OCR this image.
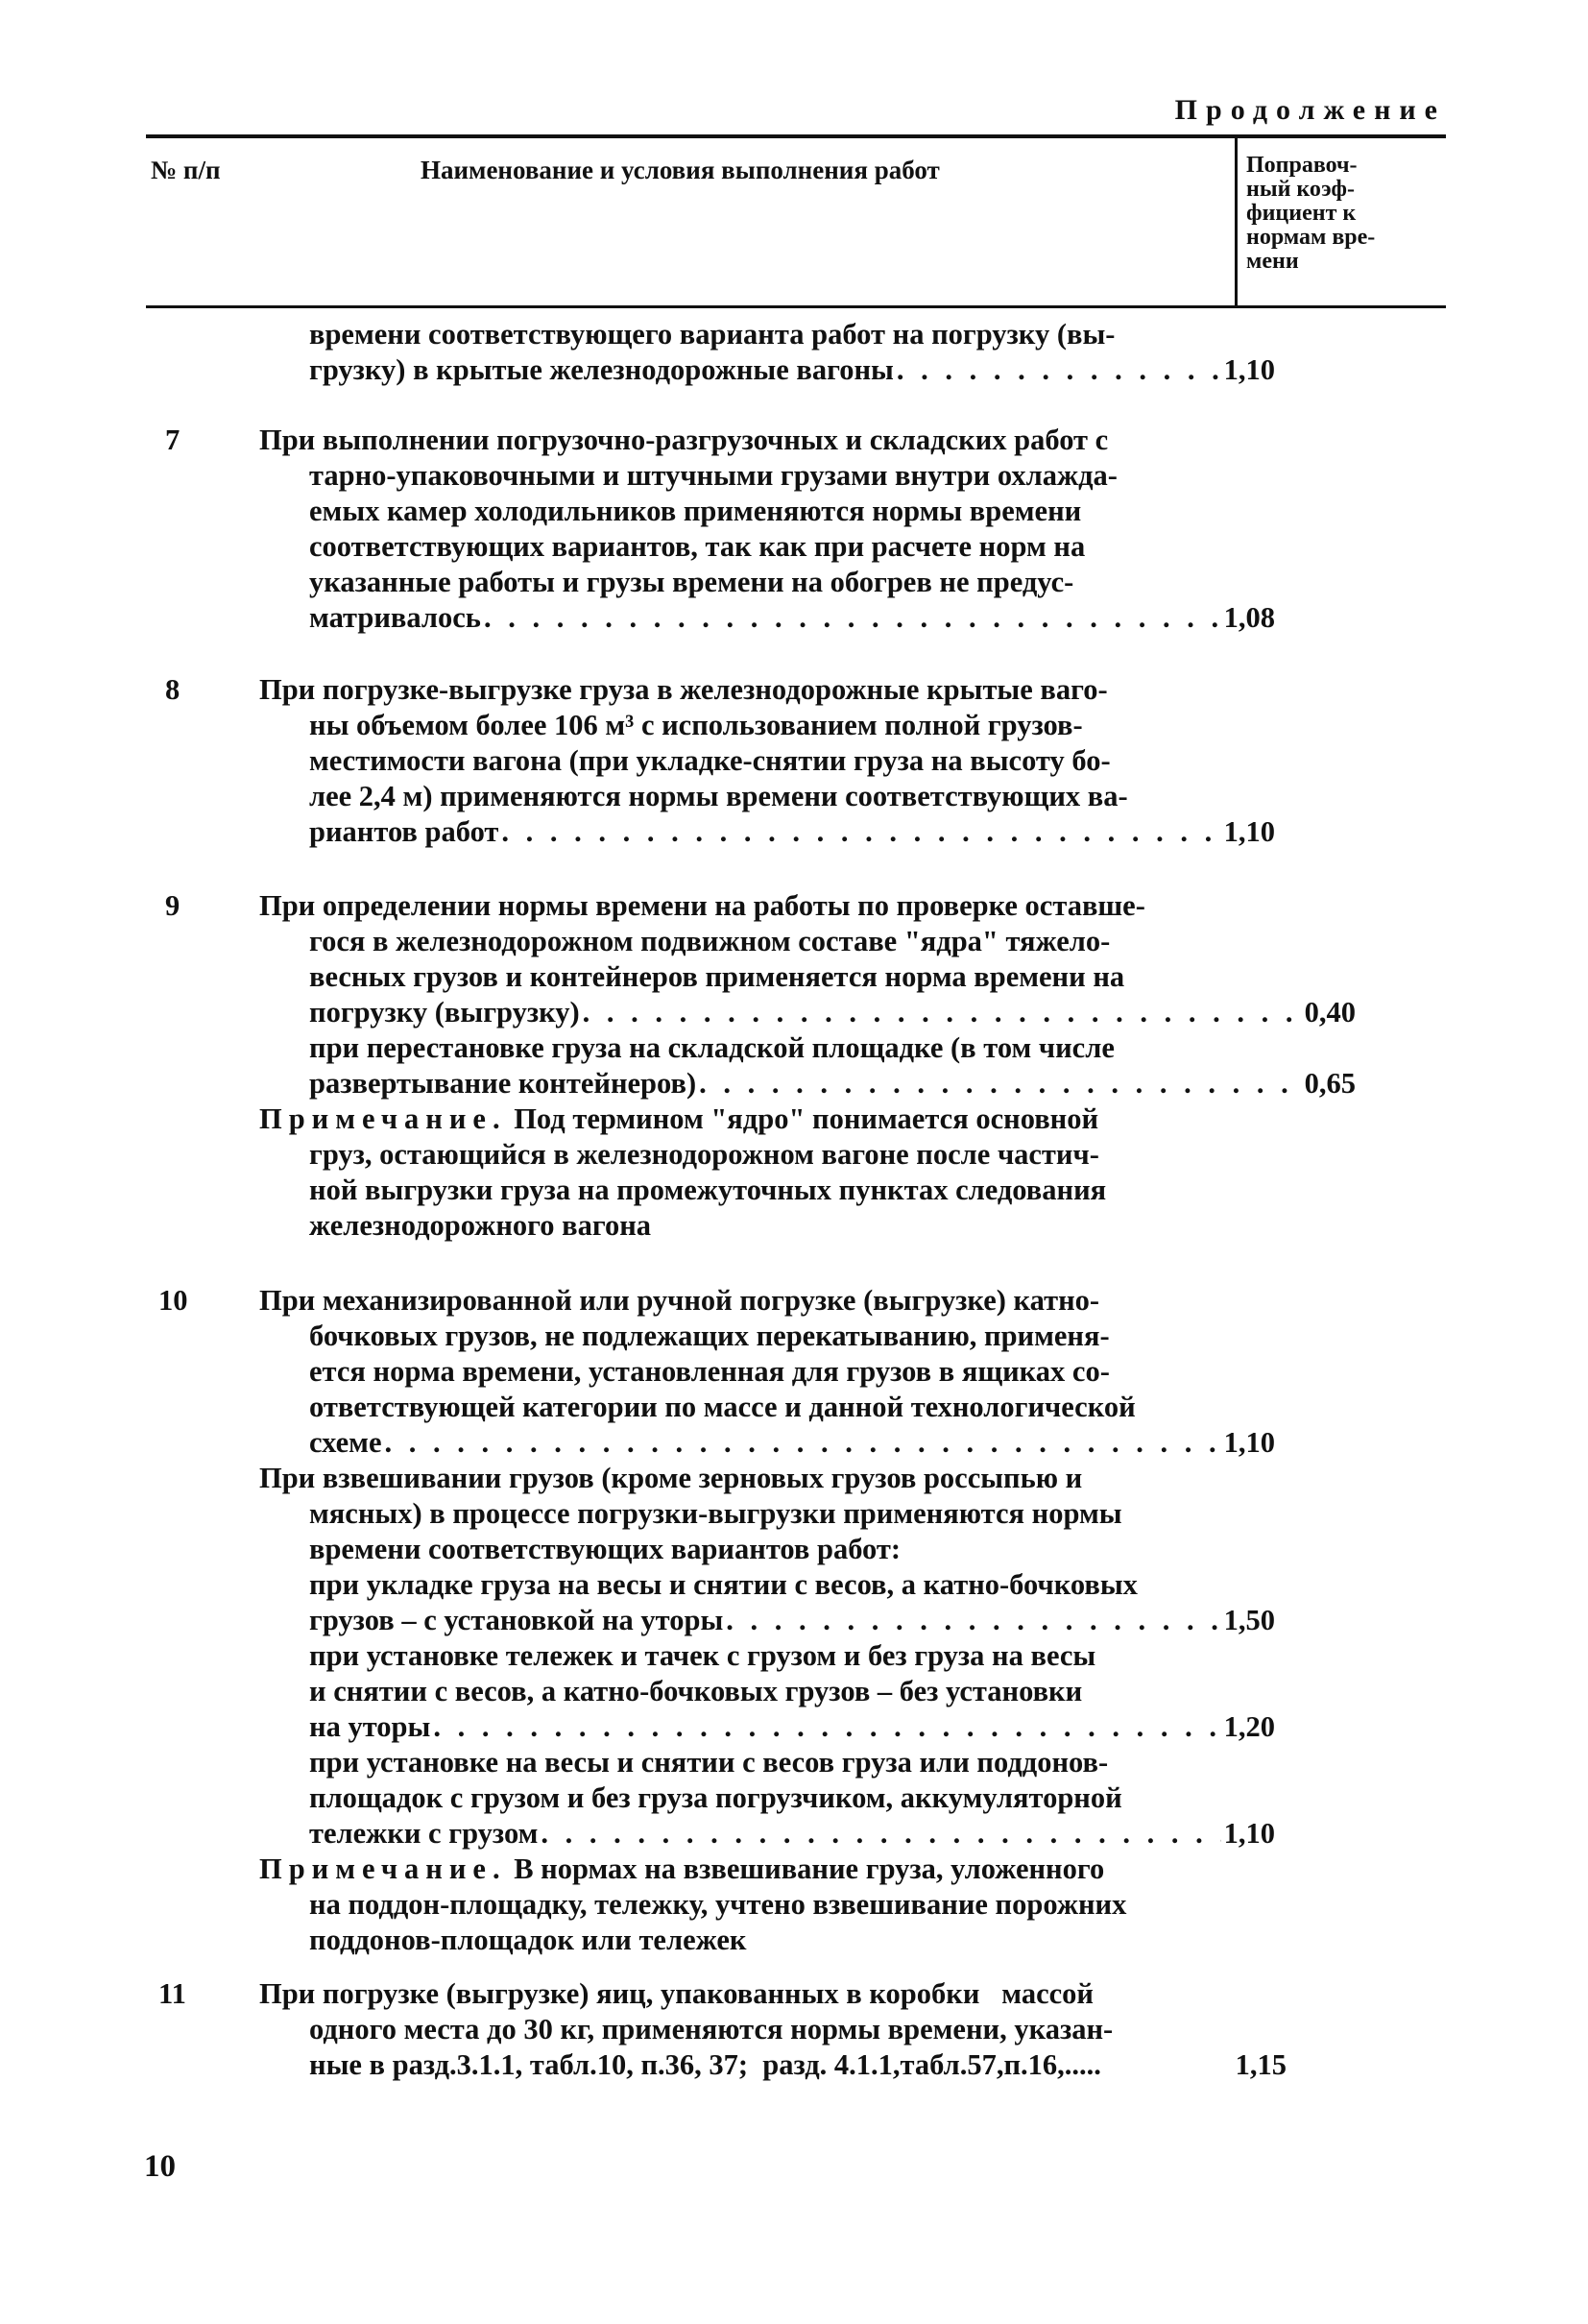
Продолжение
№ п/п	Наименование и условия выполнения работ	Поправоч-
ный коэф-
фициент к
нормам вре-
мени
времени соответствующего варианта работ на погрузку (вы-
грузку) в крытые железнодорожные вагоны . . .	1,10
7	При выполнении погрузочно-разгрузочных и складских работ с
тарно-упаковочными и штучными грузами внутри охлажда-
емых камер холодильников применяются нормы времени
соответствующих вариантов, так как при расчете норм на
указанные работы и грузы времени на обогрев не предус-
матривалось . . .	1,08
8	При погрузке-выгрузке груза в железнодорожные крытые ваго-
ны объемом более 106 м³ с использованием полной грузов-
местимости вагона (при укладке-снятии груза на высоту бо-
лее 2,4 м) применяются нормы времени соответствующих ва-
риантов работ . . .	1,10
9	При определении нормы времени на работы по проверке оставше-
гося в железнодорожном подвижном составе "ядра" тяжело-
весных грузов и контейнеров применяется норма времени на
погрузку (выгрузку) . . .	0,40
при перестановке груза на складской площадке (в том числе
развертывание контейнеров) . . .	0,65
Примечание. Под термином "ядро" понимается основной
груз, остающийся в железнодорожном вагоне после частич-
ной выгрузки груза на промежуточных пунктах следования
железнодорожного вагона
10 При механизированной или ручной погрузке (выгрузке) катно-
бочковых грузов, не подлежащих перекатыванию, применя-
ется норма времени, установленная для грузов в ящиках со-
ответствующей категории по массе и данной технологической
схеме . . .	1,10
При взвешивании грузов (кроме зерновых грузов россыпью и
мясных) в процессе погрузки-выгрузки применяются нормы
времени соответствующих вариантов работ:
при укладке груза на весы и снятии с весов, а катно-бочковых
грузов – с установкой на уторы . . .	1,50
при установке тележек и тачек с грузом и без груза на весы
и снятии с весов, а катно-бочковых грузов – без установки
на уторы . . .	1,20
при установке на весы и снятии с весов груза или поддонов-
площадок с грузом и без груза погрузчиком, аккумуляторной
тележки с грузом . . .	1,10
Примечание. В нормах на взвешивание груза, уложенного
на поддон-площадку, тележку, учтено взвешивание порожних
поддонов-площадок или тележек
11 При погрузке (выгрузке) яиц, упакованных в коробки   массой
одного места до 30 кг, применяются нормы времени, указан-
ные в разд.3.1.1, табл.10, п.36, 37;  разд. 4.1.1,табл.57,п.16,.....	1,15
10
